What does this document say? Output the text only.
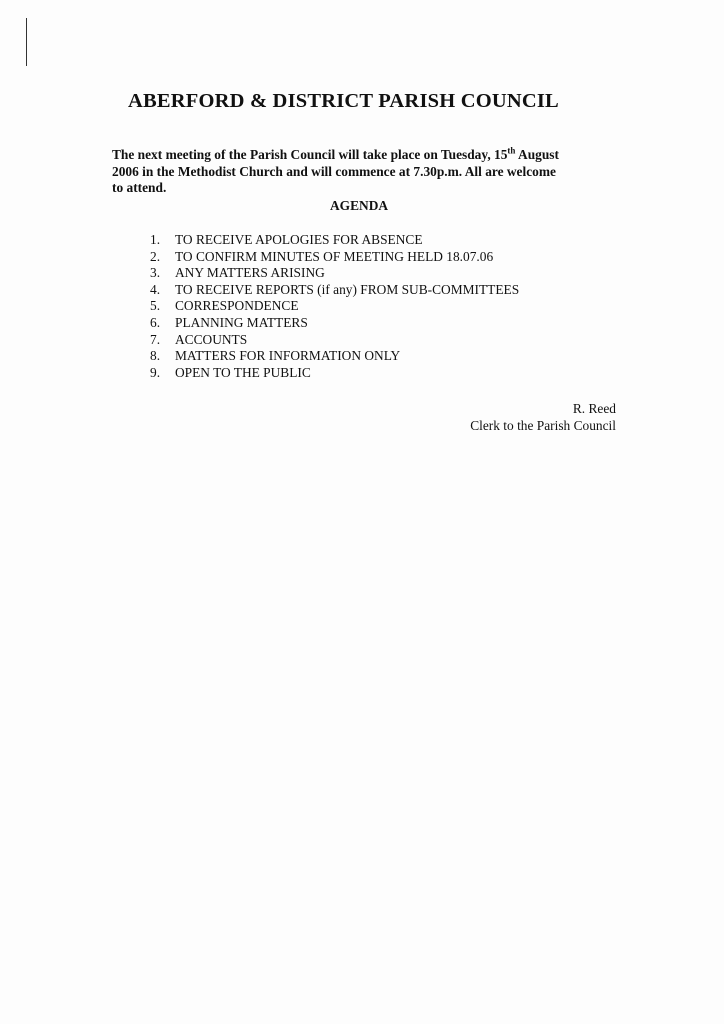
ABERFORD & DISTRICT PARISH COUNCIL
The next meeting of the Parish Council will take place on Tuesday, 15th August
2006 in the Methodist Church and will commence at 7.30p.m. All are welcome
to attend.
AGENDA
1.	TO RECEIVE APOLOGIES FOR ABSENCE
2.	TO CONFIRM MINUTES OF MEETING HELD 18.07.06
3.	ANY MATTERS ARISING
4.	TO RECEIVE REPORTS (if any) FROM SUB-COMMITTEES
5.	CORRESPONDENCE
6.	PLANNING MATTERS
7.	ACCOUNTS
8.	MATTERS FOR INFORMATION ONLY
9.	OPEN TO THE PUBLIC
R. Reed
Clerk to the Parish Council
